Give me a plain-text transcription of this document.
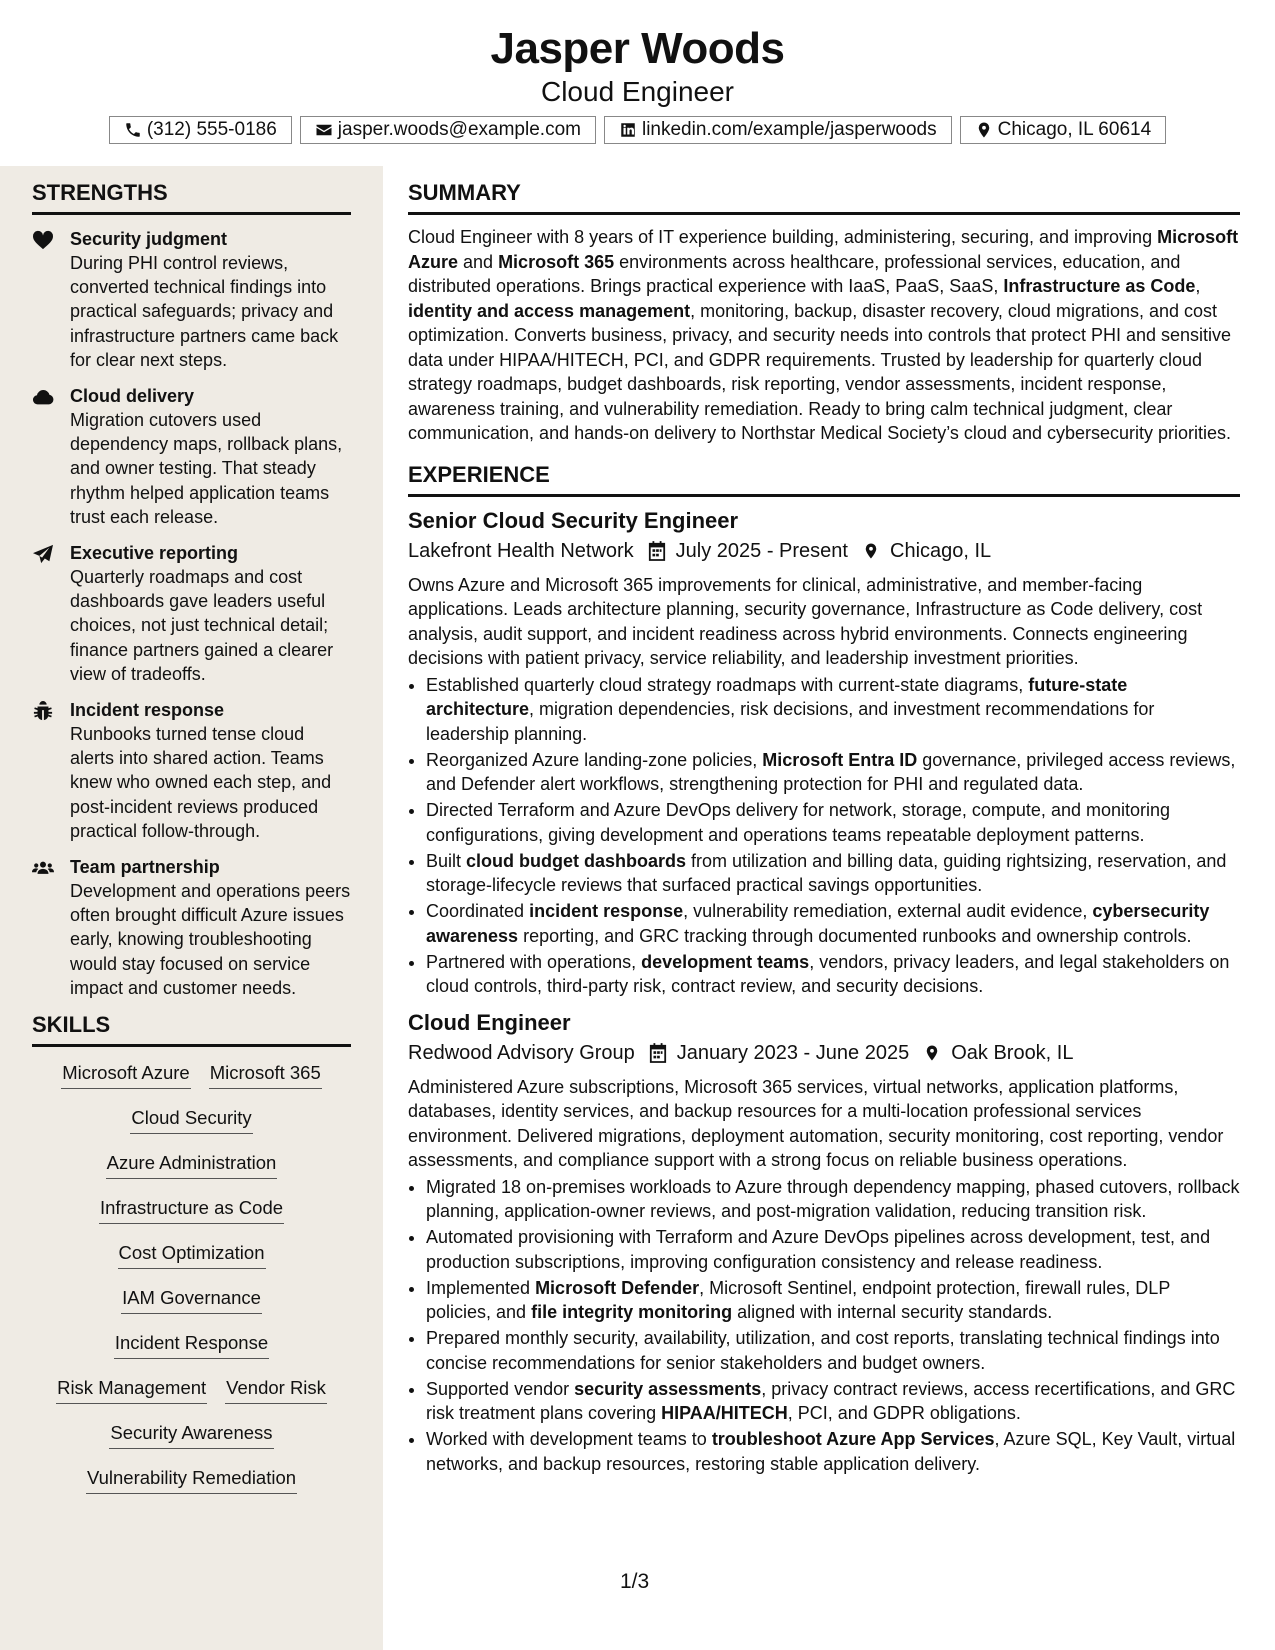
Jasper Woods
Cloud Engineer
(312) 555-0186	jasper.woods@example.com	linkedin.com/example/jasperwoods	Chicago, IL 60614
STRENGTHS
Security judgment
During PHI control reviews, converted technical findings into practical safeguards; privacy and infrastructure partners came back for clear next steps.
Cloud delivery
Migration cutovers used dependency maps, rollback plans, and owner testing. That steady rhythm helped application teams trust each release.
Executive reporting
Quarterly roadmaps and cost dashboards gave leaders useful choices, not just technical detail; finance partners gained a clearer view of tradeoffs.
Incident response
Runbooks turned tense cloud alerts into shared action. Teams knew who owned each step, and post-incident reviews produced practical follow-through.
Team partnership
Development and operations peers often brought difficult Azure issues early, knowing troubleshooting would stay focused on service impact and customer needs.
SKILLS
Microsoft Azure Microsoft 365
Cloud Security
Azure Administration
Infrastructure as Code
Cost Optimization
IAM Governance
Incident Response
Risk Management Vendor Risk
Security Awareness
Vulnerability Remediation
SUMMARY
Cloud Engineer with 8 years of IT experience building, administering, securing, and improving Microsoft Azure and Microsoft 365 environments across healthcare, professional services, education, and distributed operations. Brings practical experience with IaaS, PaaS, SaaS, Infrastructure as Code, identity and access management, monitoring, backup, disaster recovery, cloud migrations, and cost optimization. Converts business, privacy, and security needs into controls that protect PHI and sensitive data under HIPAA/HITECH, PCI, and GDPR requirements. Trusted by leadership for quarterly cloud strategy roadmaps, budget dashboards, risk reporting, vendor assessments, incident response, awareness training, and vulnerability remediation. Ready to bring calm technical judgment, clear communication, and hands-on delivery to Northstar Medical Society’s cloud and cybersecurity priorities.
EXPERIENCE
Senior Cloud Security Engineer
Lakefront Health Network July 2025 - Present Chicago, IL
Owns Azure and Microsoft 365 improvements for clinical, administrative, and member-facing applications. Leads architecture planning, security governance, Infrastructure as Code delivery, cost analysis, audit support, and incident readiness across hybrid environments. Connects engineering decisions with patient privacy, service reliability, and leadership investment priorities.
• Established quarterly cloud strategy roadmaps with current-state diagrams, future-state architecture, migration dependencies, risk decisions, and investment recommendations for leadership planning.
• Reorganized Azure landing-zone policies, Microsoft Entra ID governance, privileged access reviews, and Defender alert workflows, strengthening protection for PHI and regulated data.
• Directed Terraform and Azure DevOps delivery for network, storage, compute, and monitoring configurations, giving development and operations teams repeatable deployment patterns.
• Built cloud budget dashboards from utilization and billing data, guiding rightsizing, reservation, and storage-lifecycle reviews that surfaced practical savings opportunities.
• Coordinated incident response, vulnerability remediation, external audit evidence, cybersecurity awareness reporting, and GRC tracking through documented runbooks and ownership controls.
• Partnered with operations, development teams, vendors, privacy leaders, and legal stakeholders on cloud controls, third-party risk, contract review, and security decisions.
Cloud Engineer
Redwood Advisory Group January 2023 - June 2025 Oak Brook, IL
Administered Azure subscriptions, Microsoft 365 services, virtual networks, application platforms, databases, identity services, and backup resources for a multi-location professional services environment. Delivered migrations, deployment automation, security monitoring, cost reporting, vendor assessments, and compliance support with a strong focus on reliable business operations.
• Migrated 18 on-premises workloads to Azure through dependency mapping, phased cutovers, rollback planning, application-owner reviews, and post-migration validation, reducing transition risk.
• Automated provisioning with Terraform and Azure DevOps pipelines across development, test, and production subscriptions, improving configuration consistency and release readiness.
• Implemented Microsoft Defender, Microsoft Sentinel, endpoint protection, firewall rules, DLP policies, and file integrity monitoring aligned with internal security standards.
• Prepared monthly security, availability, utilization, and cost reports, translating technical findings into concise recommendations for senior stakeholders and budget owners.
• Supported vendor security assessments, privacy contract reviews, access recertifications, and GRC risk treatment plans covering HIPAA/HITECH, PCI, and GDPR obligations.
• Worked with development teams to troubleshoot Azure App Services, Azure SQL, Key Vault, virtual networks, and backup resources, restoring stable application delivery.
1/3
